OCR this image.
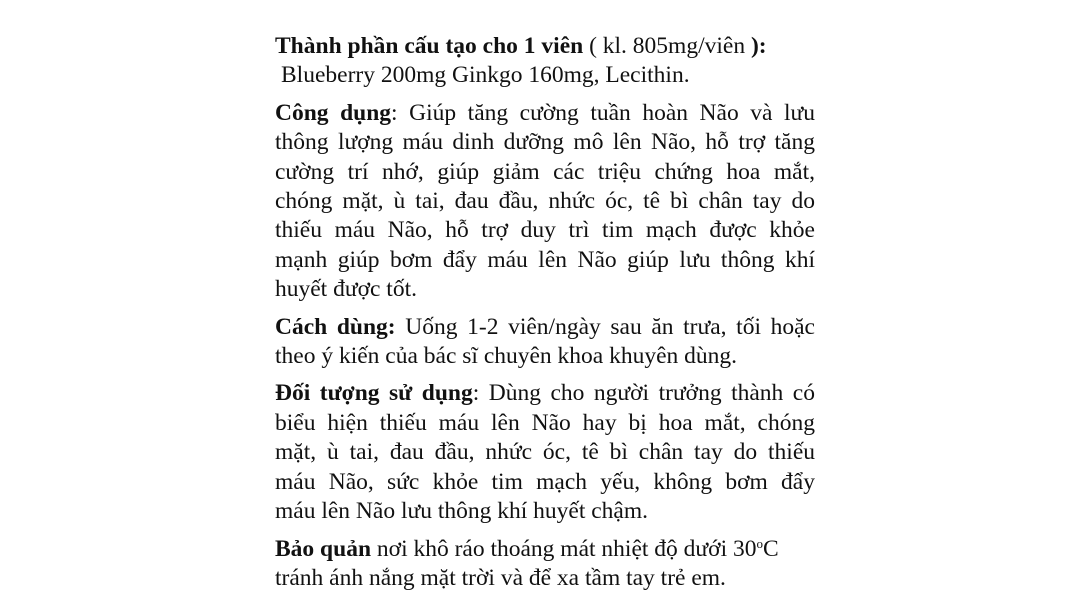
Thành phần cấu tạo cho 1 viên ( kl. 805mg/viên ):
Blueberry 200mg Ginkgo 160mg, Lecithin.
Công dụng: Giúp tăng cường tuần hoàn Não và lưu
thông lượng máu dinh dưỡng mô lên Não, hỗ trợ tăng
cường trí nhớ, giúp giảm các triệu chứng hoa mắt,
chóng mặt, ù tai, đau đầu, nhức óc, tê bì chân tay do
thiếu máu Não, hỗ trợ duy trì tim mạch được khỏe
mạnh giúp bơm đẩy máu lên Não giúp lưu thông khí
huyết được tốt.
Cách dùng: Uống 1-2 viên/ngày sau ăn trưa, tối hoặc
theo ý kiến của bác sĩ chuyên khoa khuyên dùng.
Đối tượng sử dụng: Dùng cho người trưởng thành có
biểu hiện thiếu máu lên Não hay bị hoa mắt, chóng
mặt, ù tai, đau đầu, nhức óc, tê bì chân tay do thiếu
máu Não, sức khỏe tim mạch yếu, không bơm đẩy
máu lên Não lưu thông khí huyết chậm.
Bảo quản nơi khô ráo thoáng mát nhiệt độ dưới 30$^o$C
tránh ánh nắng mặt trời và để xa tầm tay trẻ em.
